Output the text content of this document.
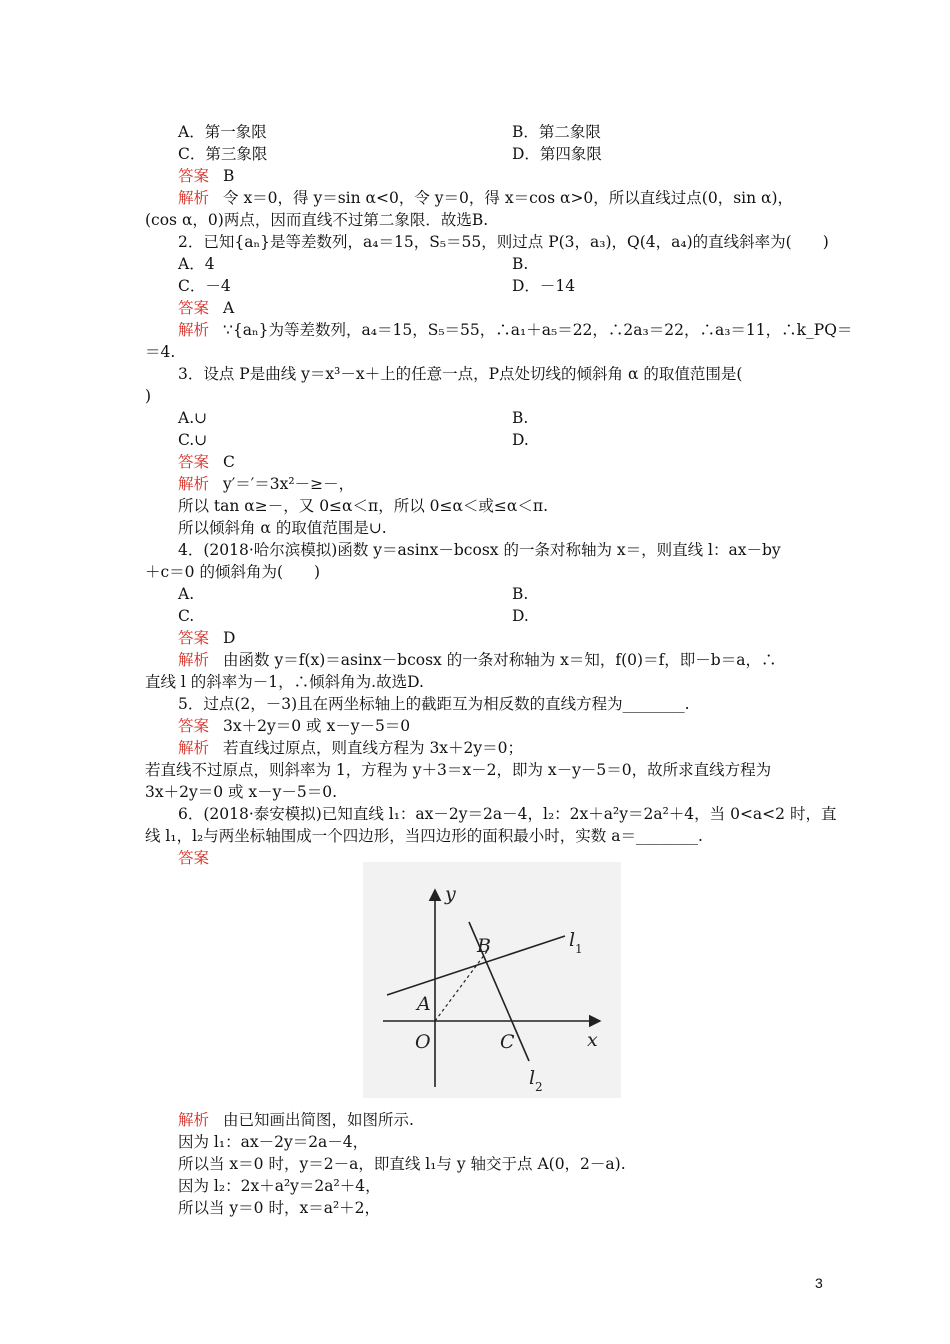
A．第一象限	B．第二象限
C．第三象限	D．第四象限
答案 B
解析 令 x＝0，得 y＝sin α<0，令 y＝0，得 x＝cos α>0，所以直线过点(0，sin α)，
(cos α，0)两点，因而直线不过第二象限．故选B.
2．已知{aₙ}是等差数列，a₄＝15，S₅＝55，则过点 P(3，a₃)，Q(4，a₄)的直线斜率为(　　)
A．4	B.
C．－4	D．－14
答案 A
解析 ∵{aₙ}为等差数列，a₄＝15，S₅＝55，∴a₁＋a₅＝22，∴2a₃＝22，∴a₃＝11，∴k_PQ＝
＝4.
3．设点 P是曲线 y＝x³－x＋上的任意一点，P点处切线的倾斜角 α 的取值范围是(
)
A.∪	B.
C.∪	D.
答案 C
解析 y′＝′＝3x²－≥－，
所以 tan α≥－，又 0≤α＜π，所以 0≤α＜或≤α＜π.
所以倾斜角 α 的取值范围是∪.
4．(2018·哈尔滨模拟)函数 y＝asinx－bcosx 的一条对称轴为 x＝，则直线 l：ax－by
＋c＝0 的倾斜角为(　　)
A.	B.
C.	D.
答案 D
解析 由函数 y＝f(x)＝asinx－bcosx 的一条对称轴为 x＝知，f(0)＝f，即－b＝a，∴
直线 l 的斜率为－1，∴倾斜角为.故选D.
5．过点(2，－3)且在两坐标轴上的截距互为相反数的直线方程为________.
答案 3x＋2y＝0 或 x－y－5＝0
解析 若直线过原点，则直线方程为 3x＋2y＝0；
若直线不过原点，则斜率为 1，方程为 y＋3＝x－2，即为 x－y－5＝0，故所求直线方程为
3x＋2y＝0 或 x－y－5＝0.
6．(2018·泰安模拟)已知直线 l₁：ax－2y＝2a－4，l₂：2x＋a²y＝2a²＋4，当 0<a<2 时，直
线 l₁，l₂与两坐标轴围成一个四边形，当四边形的面积最小时，实数 a＝________.
答案
解析 由已知画出简图，如图所示.
因为 l₁：ax－2y＝2a－4，
所以当 x＝0 时，y＝2－a，即直线 l₁与 y 轴交于点 A(0，2－a).
因为 l₂：2x＋a²y＝2a²＋4，
所以当 y＝0 时，x＝a²＋2，
y
x
l 1
l 2
A
B
C
O
3
